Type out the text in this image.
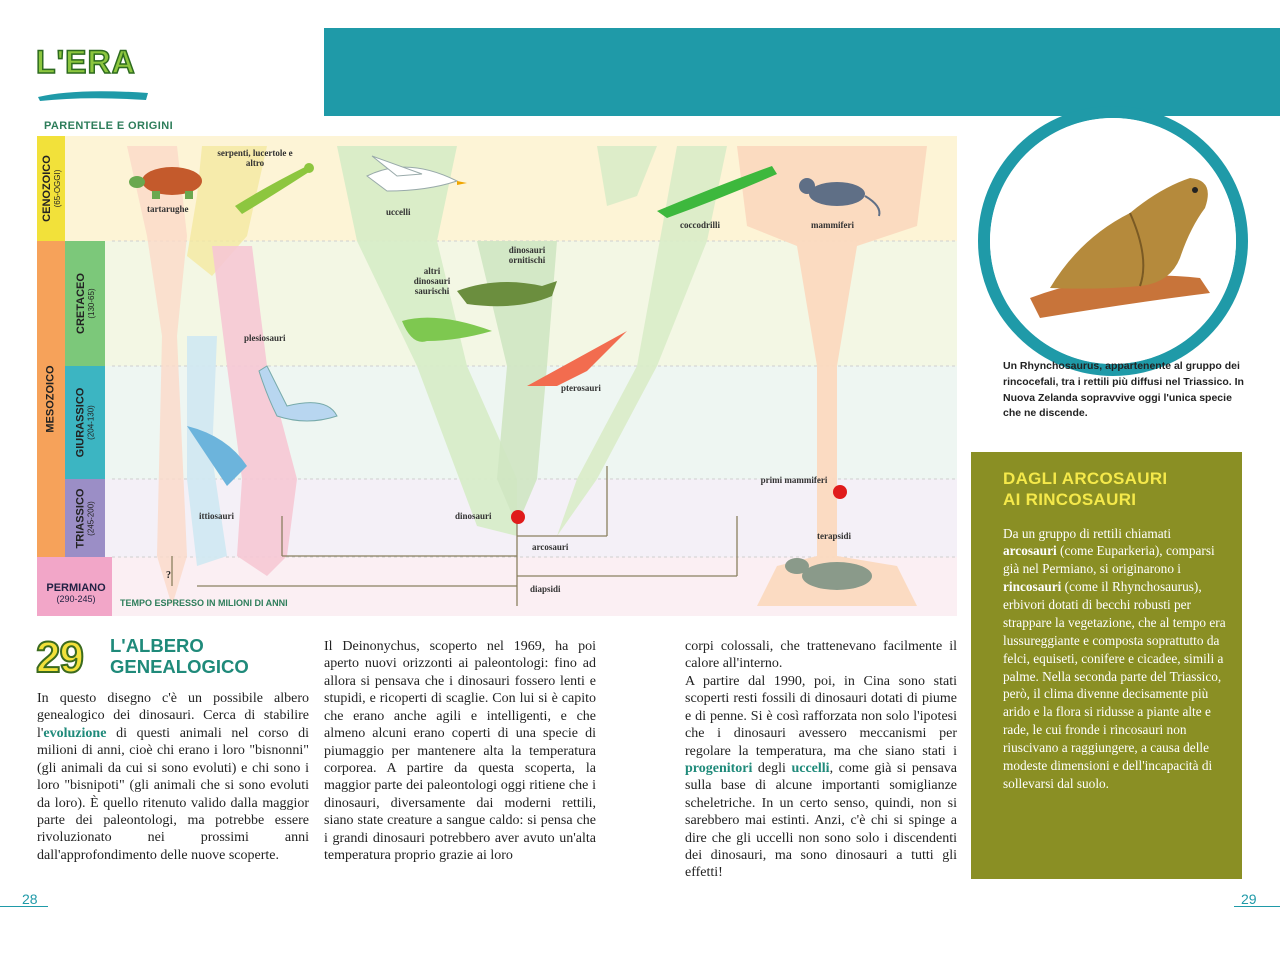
L'ERA
PARENTELE E ORIGINI
CENOZOICO (65-OGGI)
MESOZOICO
CRETACEO (130-65)
GIURASSICO (204-130)
TRIASSICO (245-200)
tartarughe
serpenti, lucertole e altro
uccelli
coccodrilli	mammiferi
dinosauri ornitischi
altri dinosauri saurischi
plesiosauri
pterosauri
ittiosauri	dinosauri
primi mammiferi
terapsidi
arcosauri
diapsidi
PERMIANO
(290-245)
?
TEMPO ESPRESSO IN MILIONI DI ANNI
Un Rhynchosaurus, appartenente al gruppo dei rincocefali, tra i rettili più diffusi nel Triassico. In Nuova Zelanda sopravvive oggi l'unica specie che ne discende.
DAGLI ARCOSAURI
AI RINCOSAURI
Da un gruppo di rettili chiamati arcosauri (come Euparkeria), comparsi già nel Permiano, si originarono i rincosauri (come il Rhynchosaurus), erbivori dotati di becchi robusti per strappare la vegetazione, che al tempo era lussureggiante e composta soprattutto da felci, equiseti, conifere e cicadee, simili a palme. Nella seconda parte del Triassico, però, il clima divenne decisamente più arido e la flora si ridusse a piante alte e rade, le cui fronde i rincosauri non riuscivano a raggiungere, a causa delle modeste dimensioni e dell'incapacità di sollevarsi dal suolo.
29 L'ALBERO
GENEALOGICO
In questo disegno c'è un possibile albero genealogico dei dinosauri. Cerca di stabilire l'evoluzione di questi animali nel corso di milioni di anni, cioè chi erano i loro "bisnonni" (gli animali da cui si sono evoluti) e chi sono i loro "bisnipoti" (gli animali che si sono evoluti da loro). È quello ritenuto valido dalla maggior parte dei paleontologi, ma potrebbe essere rivoluzionato nei prossimi anni dall'approfondimento delle nuove scoperte.
Il Deinonychus, scoperto nel 1969, ha poi aperto nuovi orizzonti ai paleontologi: fino ad allora si pensava che i dinosauri fossero lenti e stupidi, e ricoperti di scaglie. Con lui si è capito che erano anche agili e intelligenti, e che almeno alcuni erano coperti di una specie di piumaggio per mantenere alta la temperatura corporea. A partire da questa scoperta, la maggior parte dei paleontologi oggi ritiene che i dinosauri, diversamente dai moderni rettili, siano state creature a sangue caldo: si pensa che i grandi dinosauri potrebbero aver avuto un'alta temperatura proprio grazie ai loro
corpi colossali, che trattenevano facilmente il calore all'interno.
A partire dal 1990, poi, in Cina sono stati scoperti resti fossili di dinosauri dotati di piume e di penne. Si è così rafforzata non solo l'ipotesi che i dinosauri avessero meccanismi per regolare la temperatura, ma che siano stati i progenitori degli uccelli, come già si pensava sulla base di alcune importanti somiglianze scheletriche. In un certo senso, quindi, non si sarebbero mai estinti. Anzi, c'è chi si spinge a dire che gli uccelli non sono solo i discendenti dei dinosauri, ma sono dinosauri a tutti gli effetti!
28	29
